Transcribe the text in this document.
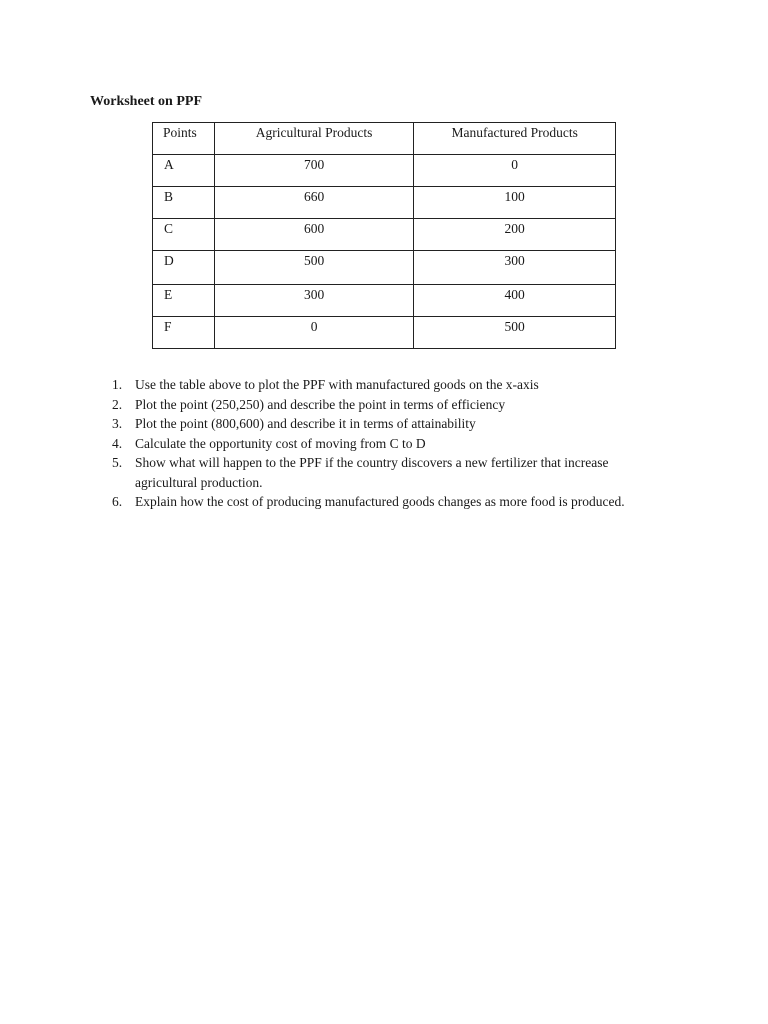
Worksheet on PPF
Points	Agricultural Products	Manufactured Products
A	700	0
B	660	100
C	600	200
D	500	300
E	300	400
F	0	500
1. Use the table above to plot the PPF with manufactured goods on the x-axis
2. Plot the point (250,250) and describe the point in terms of efficiency
3. Plot the point (800,600) and describe it in terms of attainability
4. Calculate the opportunity cost of moving from C to D
5. Show what will happen to the PPF if the country discovers a new fertilizer that increase agricultural production.
6. Explain how the cost of producing manufactured goods changes as more food is produced.
